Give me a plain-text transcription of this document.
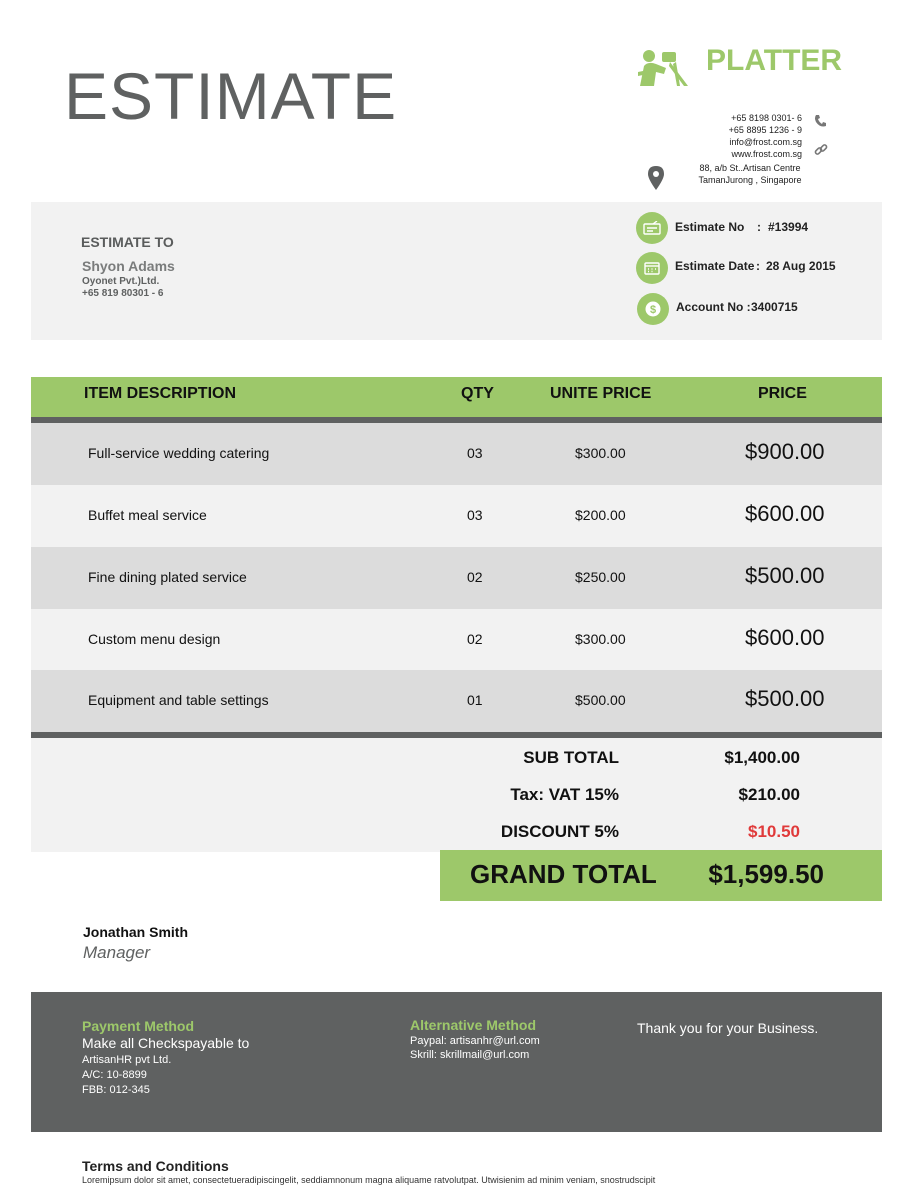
ESTIMATE	PLATTER
+65 8198 0301- 6
+65 8895 1236 - 9
info@frost.com.sg
www.frost.com.sg
88, a/b St..Artisan Centre
TamanJurong , Singapore
ESTIMATE TO
Shyon Adams
Oyonet Pvt.)Ltd.
+65 819 80301 - 6
Estimate No : #13994
Estimate Date : 28 Aug 2015
$ Account No : 3400715
ITEM DESCRIPTION	QTY	UNITE PRICE	PRICE
Full-service wedding catering	03	$300.00	$900.00
Buffet meal service	03	$200.00	$600.00
Fine dining plated service	02	$250.00	$500.00
Custom menu design	02	$300.00	$600.00
Equipment and table settings	01	$500.00	$500.00
SUB TOTAL	$1,400.00
Tax: VAT 15%	$210.00
DISCOUNT 5%	$10.50
GRAND TOTAL $1,599.50
Jonathan Smith
Manager
Payment Method
Make all Checkspayable to
ArtisanHR pvt Ltd.
A/C: 10-8899
FBB: 012-345
Alternative Method
Paypal: artisanhr@url.com
Skrill: skrillmail@url.com
Thank you for your Business.
Terms and Conditions
Loremipsum dolor sit amet, consectetueradipiscingelit, seddiamnonum magna aliquame ratvolutpat. Utwisienim ad minim veniam, snostrudscipit
